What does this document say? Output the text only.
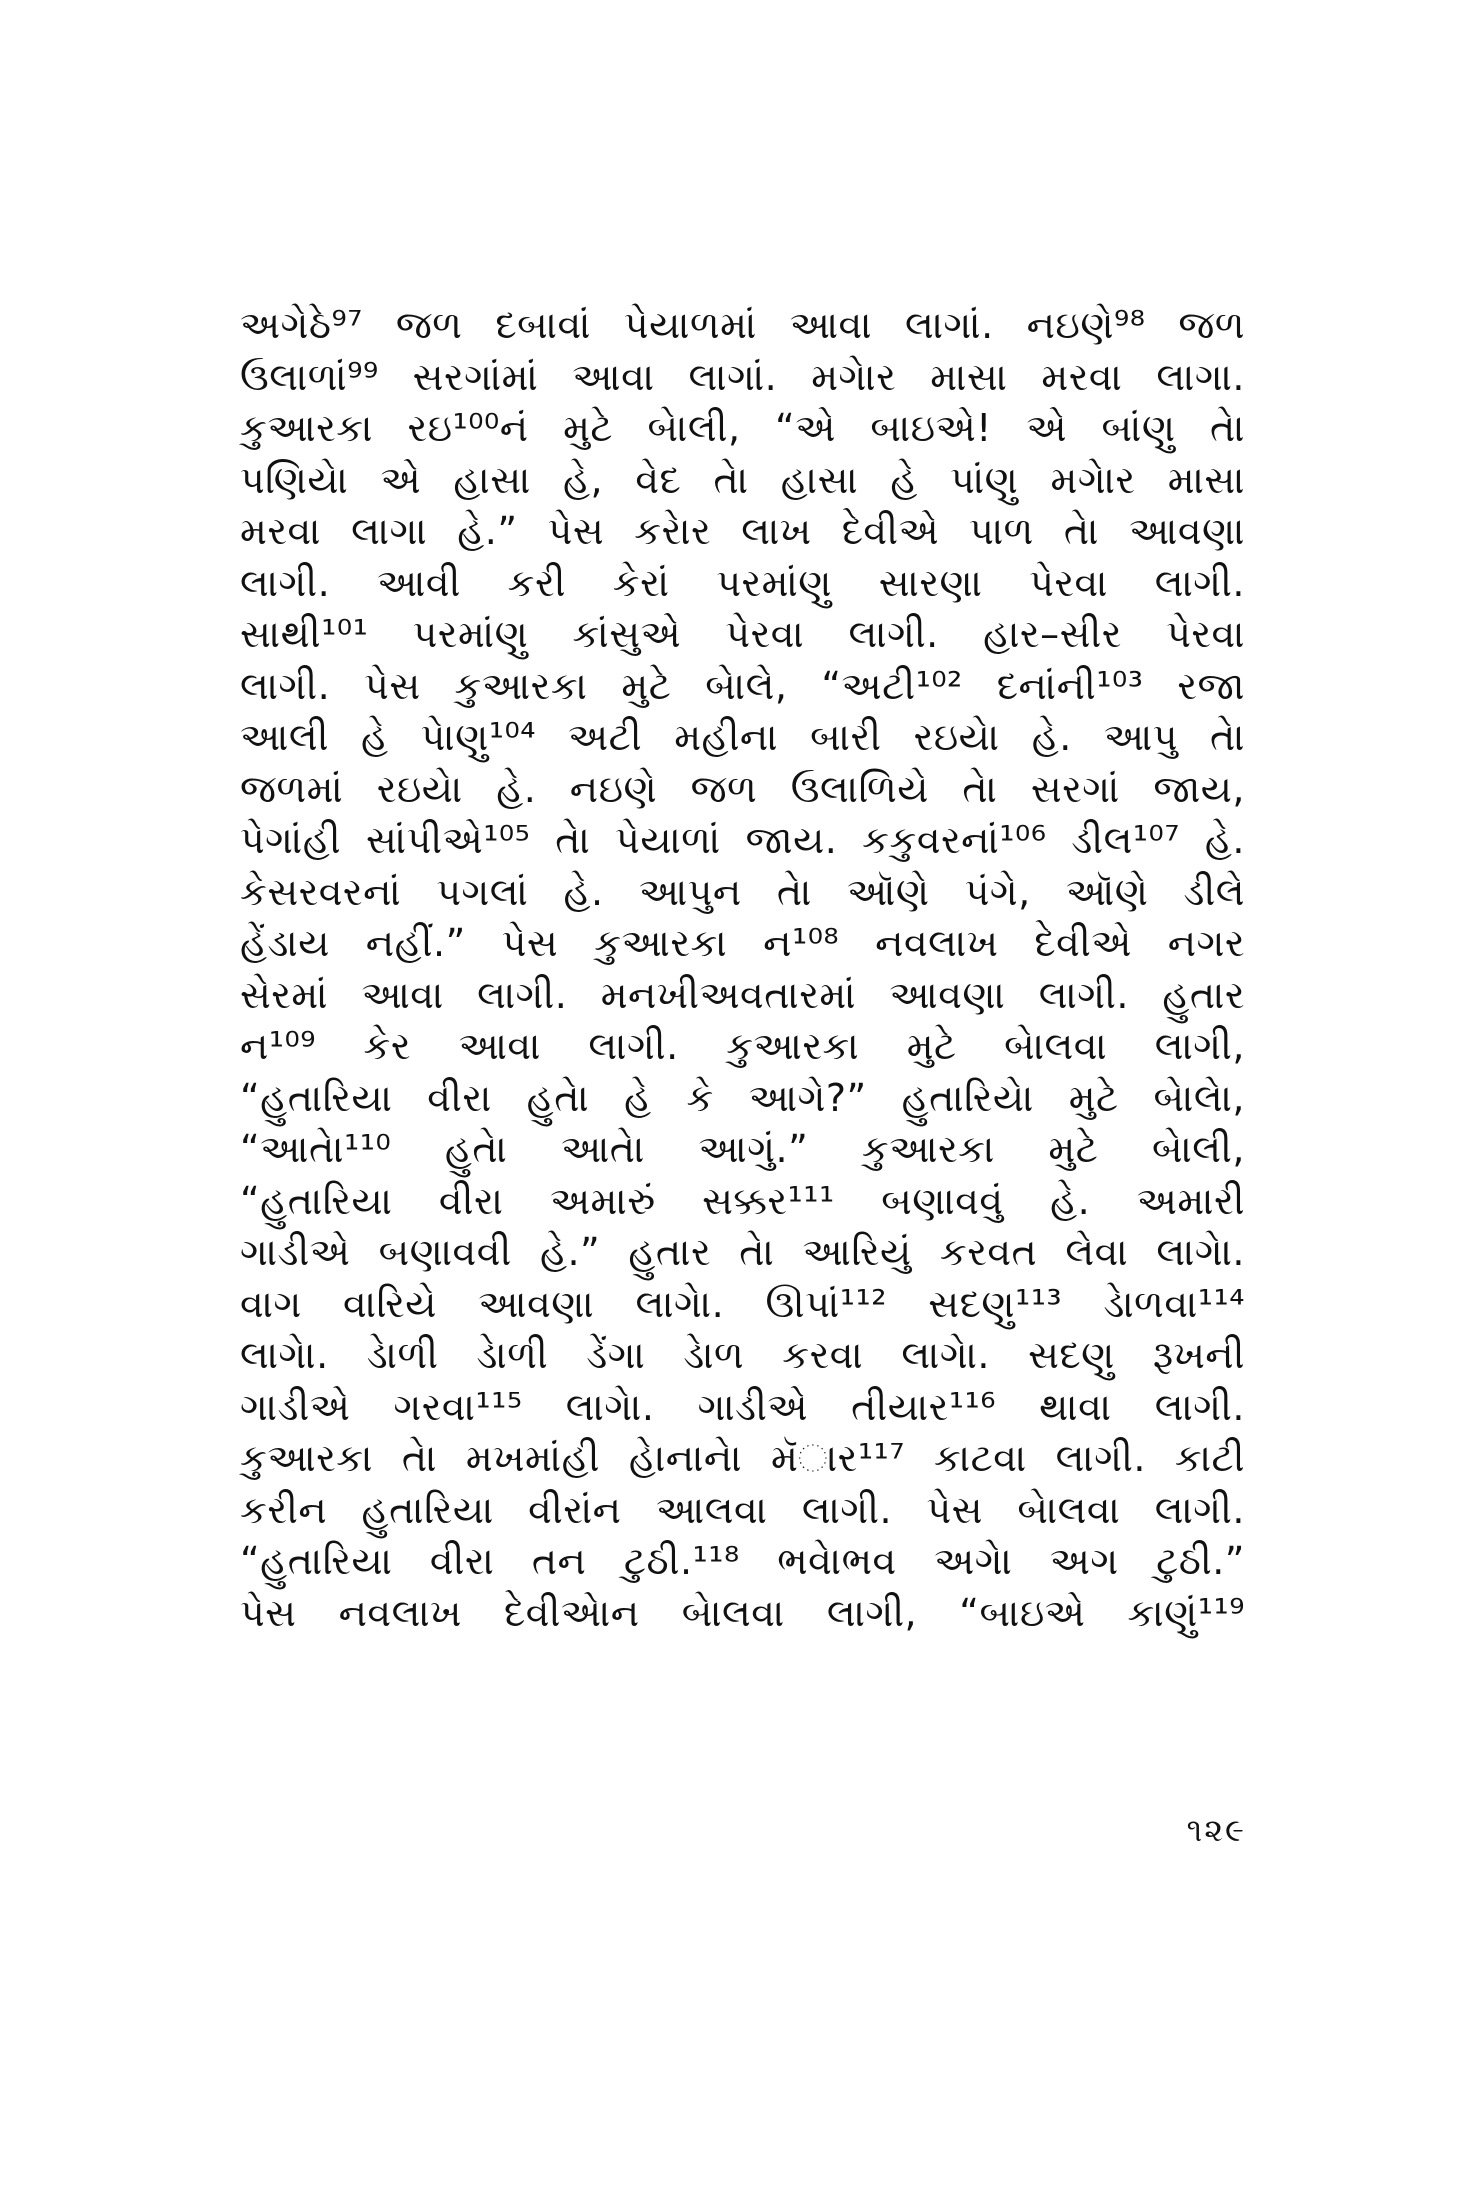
અગેઠે⁹⁷ જળ દબાવાં પેયાળમાં આવા લાગાં. નઇણે⁹⁸ જળ
ઉલાળાં⁹⁹ સરગાંમાં આવા લાગાં. મગેાર માસા મરવા લાગા.
કુઆરકા રઇ¹⁰⁰નં મુટે બેાલી, “એ બાઇએ! એ બાંણુ તેા
પણિયેા એ હાસા હે, વેદ તેા હાસા હે પાંણુ મગેાર માસા
મરવા લાગા હે.” પેસ કરેાર લાખ દેવીએ પાળ તેા આવણા
લાગી. આવી કરી કેરાં પરમાંણુ સારણા પેરવા લાગી.
સાથી¹⁰¹ પરમાંણુ કાંસુએ પેરવા લાગી. હાર–સીર પેરવા
લાગી. પેસ કુઆરકા મુટે બેાલે, “અટી¹⁰² દનાંની¹⁰³ રજા
આલી હે પેાણુ¹⁰⁴ અટી મહીના બારી રઇયેા હે. આપુ તેા
જળમાં રઇયેા હે. નઇણે જળ ઉલાળિયે તેા સરગાં જાય,
પેગાંહી સાંપીએ¹⁰⁵ તેા પેયાળાં જાય. કકુવરનાં¹⁰⁶ ડીલ¹⁰⁷ હે.
કેસરવરનાં પગલાં હે. આપુન તેા ઑણે પંગે, ઑણે ડીલે
હેંડાય નહીં.” પેસ કુઆરકા ન¹⁰⁸ નવલાખ દેવીએ નગર
સેરમાં આવા લાગી. મનખીઅવતારમાં આવણા લાગી. હુતાર
ન¹⁰⁹ કેર આવા લાગી. કુઆરકા મુટે બેાલવા લાગી,
“હુતારિયા વીરા હુતેા હે કે આગે?” હુતારિયેા મુટે બેાલેા,
“આતેા¹¹⁰ હુતેા આતેા આગું.” કુઆરકા મુટે બેાલી,
“હુતારિયા વીરા અમારું સક્કર¹¹¹ બણાવવું હે. અમારી
ગાડીએ બણાવવી હે.” હુતાર તેા આરિયું કરવત લેવા લાગેા.
વાગ વારિયે આવણા લાગેા. ઊપાં¹¹² સદણુ¹¹³ ડેાળવા¹¹⁴
લાગેા. ડેાળી ડેાળી ડેંગા ડેાળ કરવા લાગેા. સદણુ રૂખની
ગાડીએ ગરવા¹¹⁵ લાગેા. ગાડીએ તીયાર¹¹⁶ થાવા લાગી.
કુઆરકા તેા મખમાંહી હેાનાનેા મૅાર¹¹⁷ કાટવા લાગી. કાટી
કરીન હુતારિયા વીરાંન આલવા લાગી. પેસ બેાલવા લાગી.
“હુતારિયા વીરા તન ટુઠી.¹¹⁸ ભવેાભવ અગેા અગ ટુઠી.”
પેસ નવલાખ દેવીએાન બેાલવા લાગી, “બાઇએ કાણું¹¹⁹
૧૨૯
